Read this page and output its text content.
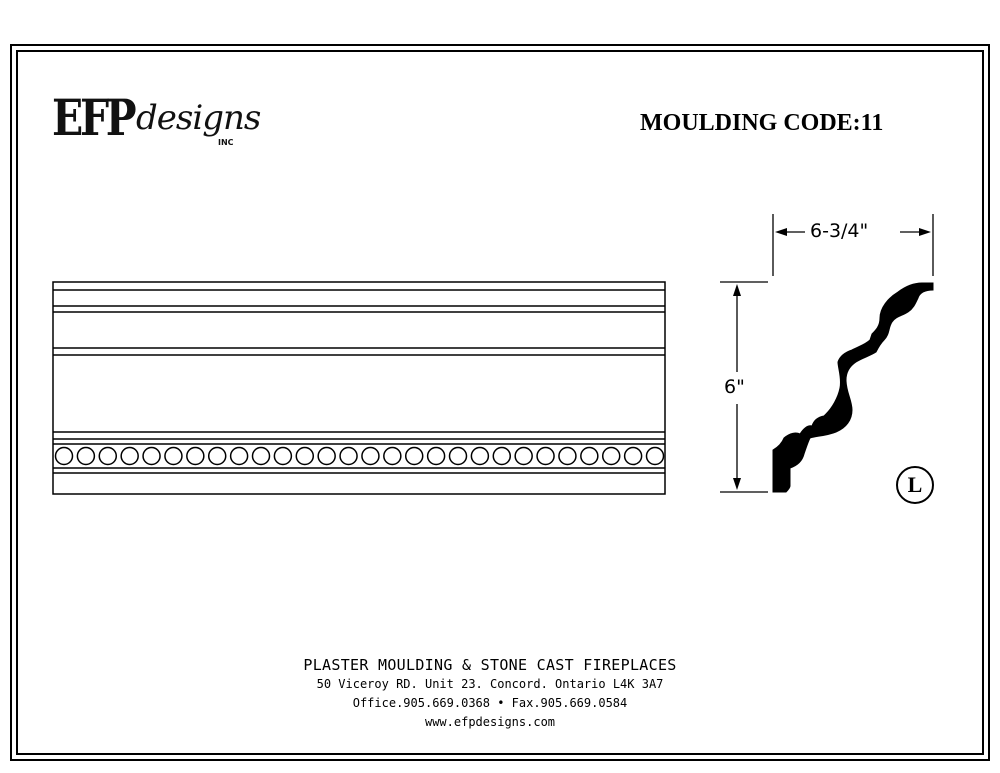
EFP designs
INC
MOULDING CODE:11
6-3/4"
6"
L
PLASTER MOULDING & STONE CAST FIREPLACES
50 Viceroy RD. Unit 23. Concord. Ontario L4K 3A7
Office.905.669.0368 • Fax.905.669.0584
www.efpdesigns.com
